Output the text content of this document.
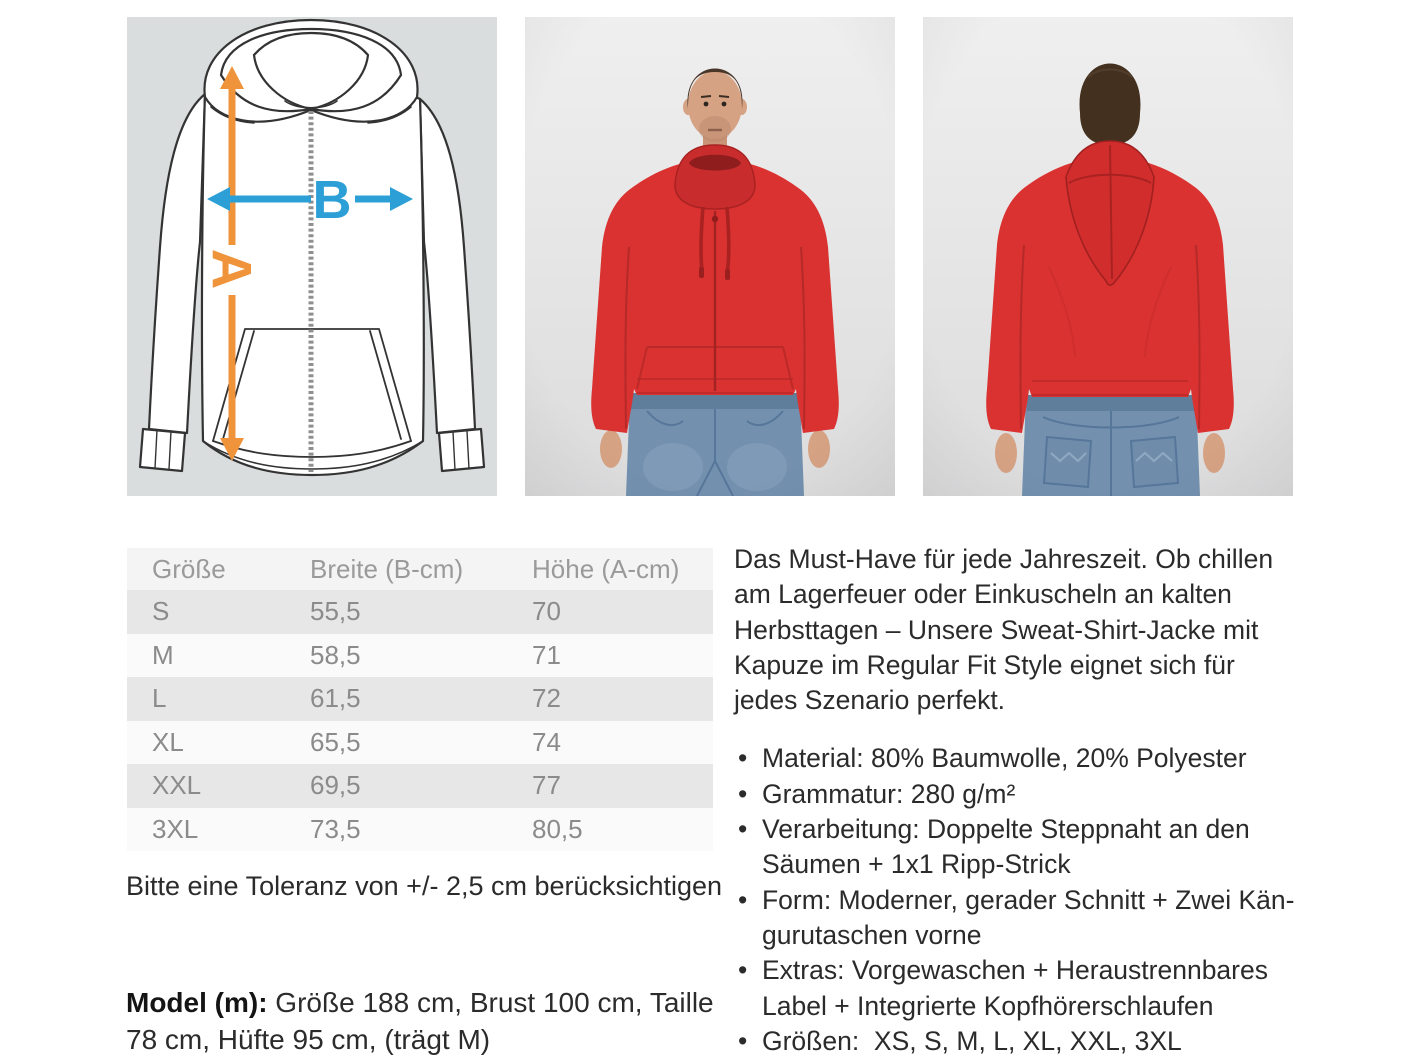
A
B
Größe	Breite (B-cm)	Höhe (A-cm)
S	55,5	70
M	58,5	71
L	61,5	72
XL	65,5	74
XXL	69,5	77
3XL	73,5	80,5

Bitte eine Toleranz von +/- 2,5 cm berücksichtigen

Model (m): Größe 188 cm, Brust 100 cm, Taille
78 cm, Hüfte 95 cm, (trägt M)

Das Must-Have für jede Jahreszeit. Ob chillen
am Lagerfeuer oder Einkuscheln an kalten
Herbsttagen – Unsere Sweat-Shirt-Jacke mit
Kapuze im Regular Fit Style eignet sich für
jedes Szenario perfekt.
• Material: 80% Baumwolle, 20% Polyester
• Grammatur: 280 g/m²
• Verarbeitung: Doppelte Steppnaht an den
Säumen + 1x1 Ripp-Strick
• Form: Moderner, gerader Schnitt + Zwei Kän-
gurutaschen vorne
• Extras: Vorgewaschen + Heraustrennbares
Label + Integrierte Kopfhörerschlaufen
• Größen:  XS, S, M, L, XL, XXL, 3XL
